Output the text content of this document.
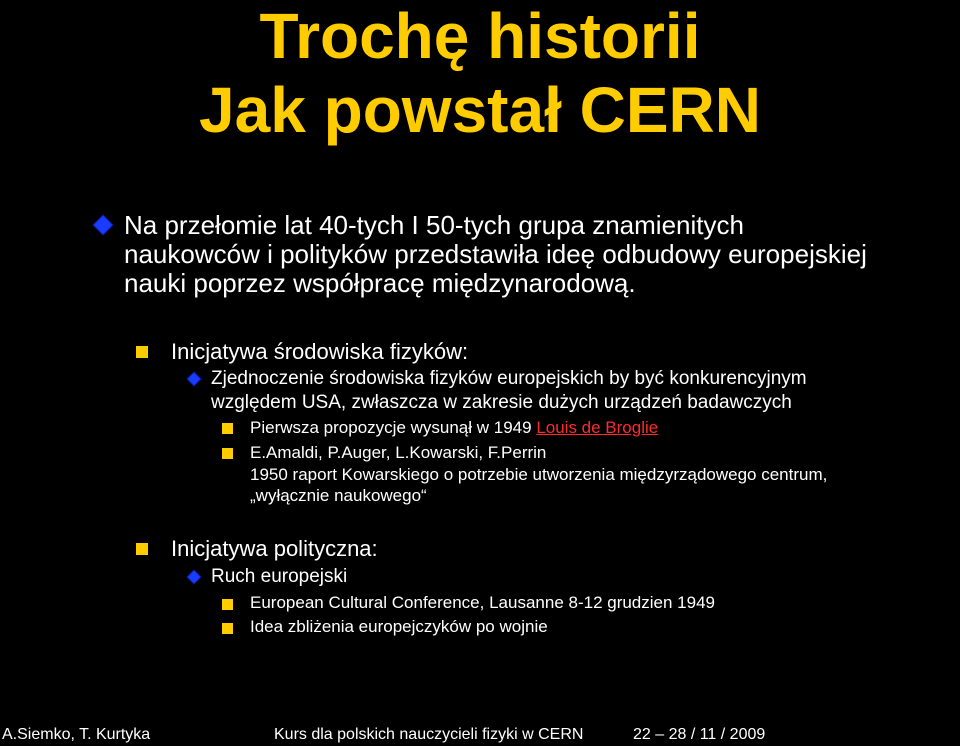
Trochę historii
Jak powstał CERN
Na przełomie lat 40-tych I 50-tych grupa znamienitych
naukowców i polityków przedstawiła ideę odbudowy europejskiej
nauki poprzez współpracę międzynarodową.
Inicjatywa środowiska fizyków:
Zjednoczenie środowiska fizyków europejskich by być konkurencyjnym
względem USA, zwłaszcza w zakresie dużych urządzeń badawczych
Pierwsza propozycje wysunął w 1949 Louis de Broglie
E.Amaldi, P.Auger, L.Kowarski, F.Perrin
1950 raport Kowarskiego o potrzebie utworzenia międzyrządowego centrum,
„wyłącznie naukowego“
Inicjatywa polityczna:
Ruch europejski
European Cultural Conference, Lausanne 8-12 grudzien 1949
Idea zbliżenia europejczyków po wojnie
A.Siemko, T. Kurtyka	Kurs dla polskich nauczycieli fizyki w CERN	22 – 28 / 11 / 2009
